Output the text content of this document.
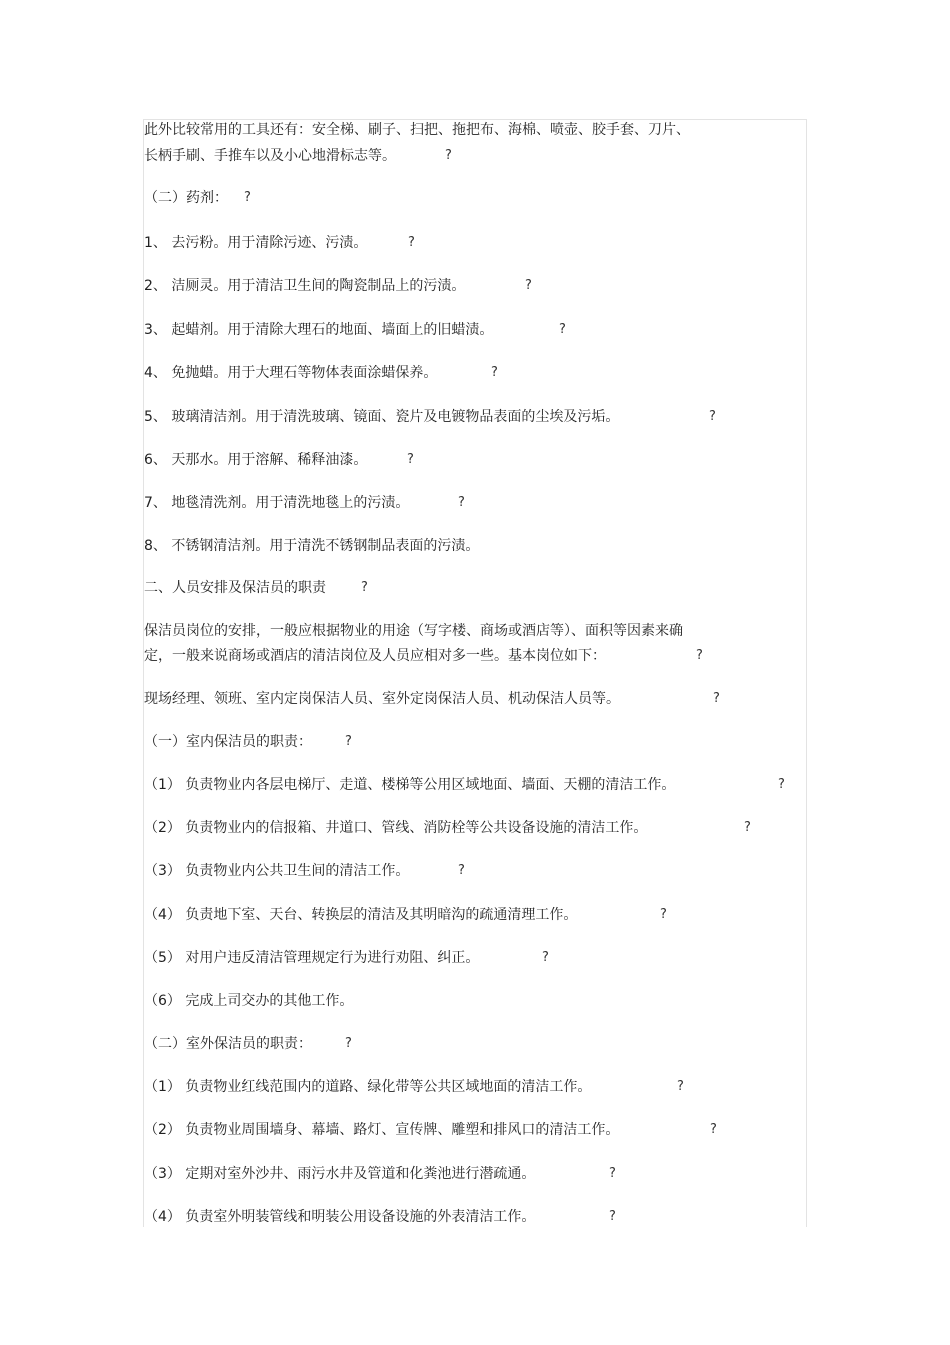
此外比较常用的工具还有：安全梯、刷子、扫把、拖把布、海棉、喷壶、胶手套、刀片、
长柄手刷、手推车以及小心地滑标志等。
（二）药剂：
1、 去污粉。用于清除污迹、污渍。
2、 洁厕灵。用于清洁卫生间的陶瓷制品上的污渍。
3、 起蜡剂。用于清除大理石的地面、墙面上的旧蜡渍。
4、 免抛蜡。用于大理石等物体表面涂蜡保养。
5、 玻璃清洁剂。用于清洗玻璃、镜面、瓷片及电镀物品表面的尘埃及污垢。
6、 天那水。用于溶解、稀释油漆。
7、 地毯清洗剂。用于清洗地毯上的污渍。
8、 不锈钢清洁剂。用于清洗不锈钢制品表面的污渍。
二、人员安排及保洁员的职责
保洁员岗位的安排，一般应根据物业的用途（写字楼、商场或酒店等）、面积等因素来确
定，一般来说商场或酒店的清洁岗位及人员应相对多一些。基本岗位如下：
现场经理、领班、室内定岗保洁人员、室外定岗保洁人员、机动保洁人员等。
（一）室内保洁员的职责：
（1） 负责物业内各层电梯厅、走道、楼梯等公用区域地面、墙面、天棚的清洁工作。
（2） 负责物业内的信报箱、井道口、管线、消防栓等公共设备设施的清洁工作。
（3） 负责物业内公共卫生间的清洁工作。
（4） 负责地下室、天台、转换层的清洁及其明暗沟的疏通清理工作。
（5） 对用户违反清洁管理规定行为进行劝阻、纠正。
（6） 完成上司交办的其他工作。
（二）室外保洁员的职责：
（1） 负责物业红线范围内的道路、绿化带等公共区域地面的清洁工作。
（2） 负责物业周围墙身、幕墙、路灯、宣传牌、雕塑和排风口的清洁工作。
（3） 定期对室外沙井、雨污水井及管道和化粪池进行潜疏通。
（4） 负责室外明装管线和明装公用设备设施的外表清洁工作。
?
?
?
?
?
?
?
?
?
?
?
?
?
?
?
?
?
?
?
?
?
?
?
